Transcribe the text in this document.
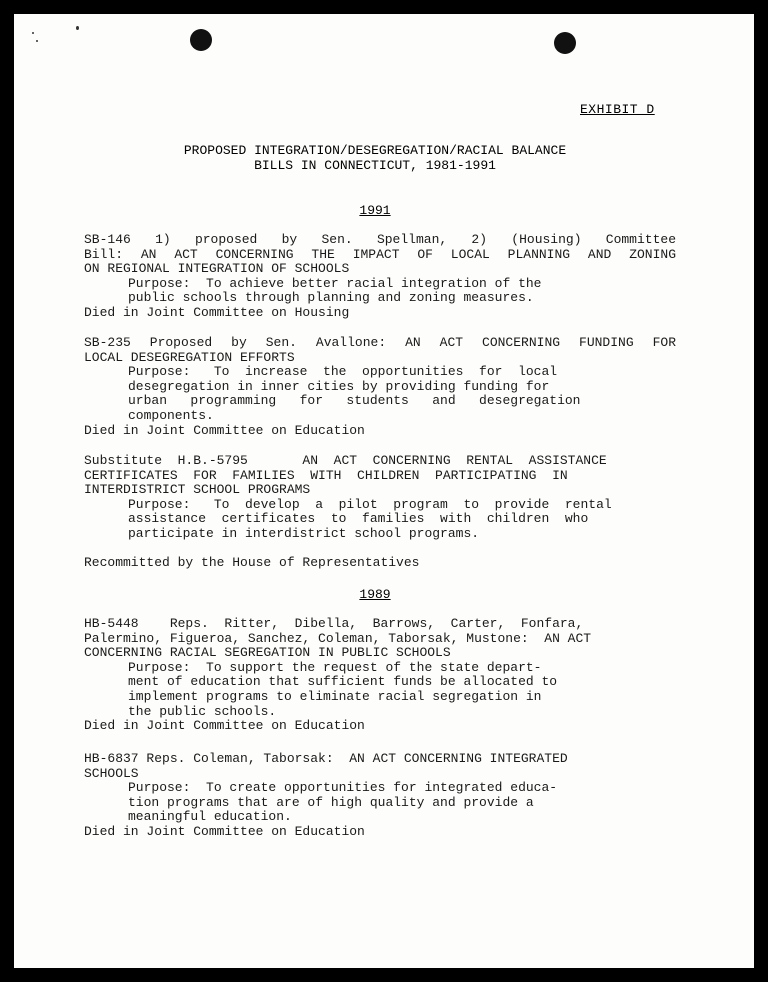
EXHIBIT D
PROPOSED INTEGRATION/DESEGREGATION/RACIAL BALANCE
BILLS IN CONNECTICUT, 1981-1991
1991
SB-146 1) proposed by Sen. Spellman, 2) (Housing) Committee
Bill: AN ACT CONCERNING THE IMPACT OF LOCAL PLANNING AND ZONING
ON REGIONAL INTEGRATION OF SCHOOLS
Purpose:  To achieve better racial integration of the
public schools through planning and zoning measures.
Died in Joint Committee on Housing
SB-235 Proposed by Sen. Avallone: AN ACT CONCERNING FUNDING FOR
LOCAL DESEGREGATION EFFORTS
Purpose:   To  increase  the  opportunities  for  local
desegregation in inner cities by providing funding for
urban   programming   for   students   and   desegregation
components.
Died in Joint Committee on Education
Substitute  H.B.-5795       AN  ACT  CONCERNING  RENTAL  ASSISTANCE
CERTIFICATES  FOR  FAMILIES  WITH  CHILDREN  PARTICIPATING  IN
INTERDISTRICT SCHOOL PROGRAMS
Purpose:   To  develop  a  pilot  program  to  provide  rental
assistance  certificates  to  families  with  children  who
participate in interdistrict school programs.
Recommitted by the House of Representatives
1989
HB-5448    Reps.  Ritter,  Dibella,  Barrows,  Carter,  Fonfara,
Palermino, Figueroa, Sanchez, Coleman, Taborsak, Mustone:  AN ACT
CONCERNING RACIAL SEGREGATION IN PUBLIC SCHOOLS
Purpose:  To support the request of the state depart-
ment of education that sufficient funds be allocated to
implement programs to eliminate racial segregation in
the public schools.
Died in Joint Committee on Education
HB-6837 Reps. Coleman, Taborsak:  AN ACT CONCERNING INTEGRATED
SCHOOLS
Purpose:  To create opportunities for integrated educa-
tion programs that are of high quality and provide a
meaningful education.
Died in Joint Committee on Education
